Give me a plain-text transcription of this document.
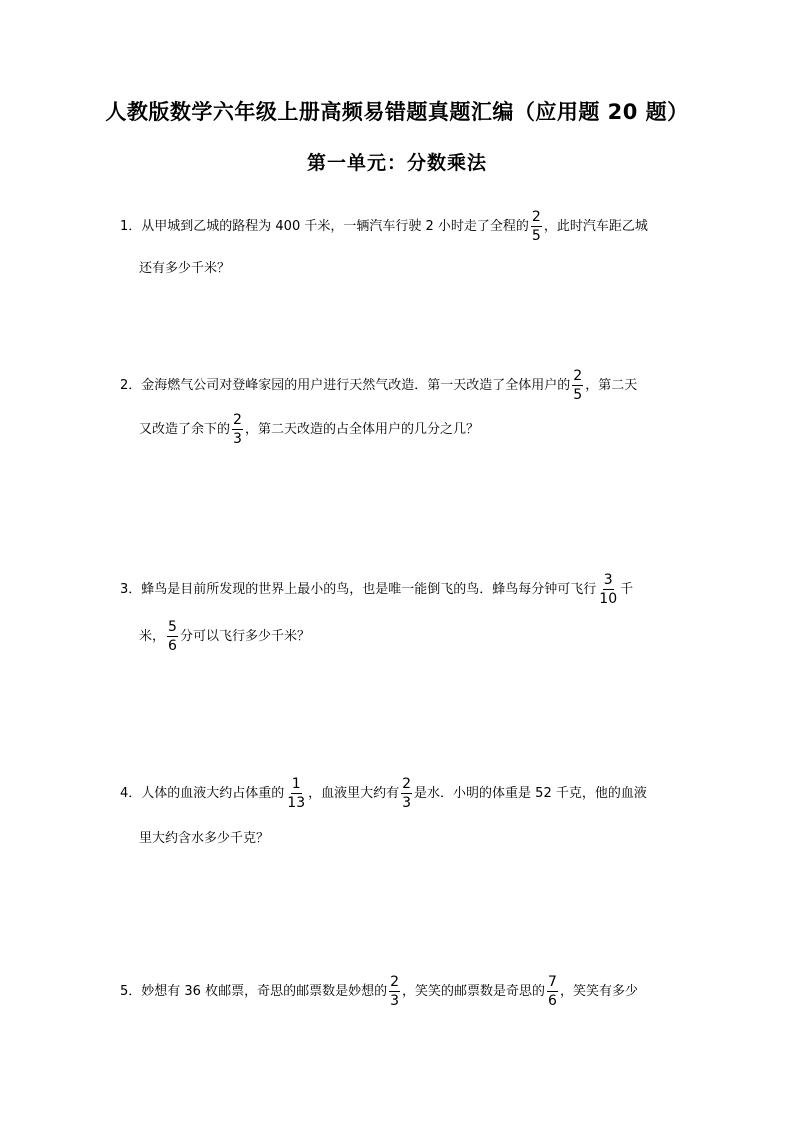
人教版数学六年级上册高频易错题真题汇编（应用题 20 题）
第一单元：分数乘法
1．从甲城到乙城的路程为 400 千米，一辆汽车行驶 2 小时走了全程的 $\frac{2}{5}$ ，此时汽车距乙城
还有多少千米？
2．金海燃气公司对登峰家园的用户进行天然气改造．第一天改造了全体用户的 $\frac{2}{5}$ ，第二天
又改造了余下的 $\frac{2}{3}$ ，第二天改造的占全体用户的几分之几？
3．蜂鸟是目前所发现的世界上最小的鸟，也是唯一能倒飞的鸟．蜂鸟每分钟可飞行 $\frac{3}{10}$ 千
米， $\frac{5}{6}$ 分可以飞行多少千米？
4．人体的血液大约占体重的 $\frac{1}{13}$ ，血液里大约有 $\frac{2}{3}$ 是水．小明的体重是 52 千克，他的血液
里大约含水多少千克？
5．妙想有 36 枚邮票，奇思的邮票数是妙想的 $\frac{2}{3}$ ，笑笑的邮票数是奇思的 $\frac{7}{6}$ ，笑笑有多少
